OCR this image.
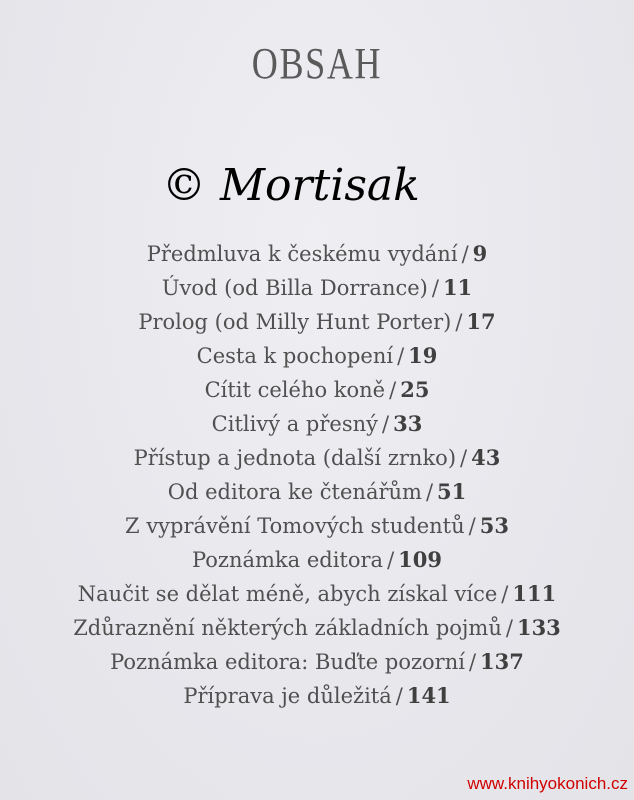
OBSAH
© Mortisak
Předmluva k českému vydání / 9
Úvod (od Billa Dorrance) / 11
Prolog (od Milly Hunt Porter) / 17
Cesta k pochopení / 19
Cítit celého koně / 25
Citlivý a přesný / 33
Přístup a jednota (další zrnko) / 43
Od editora ke čtenářům / 51
Z vyprávění Tomových studentů / 53
Poznámka editora / 109
Naučit se dělat méně, abych získal více / 111
Zdůraznění některých základních pojmů / 133
Poznámka editora: Buďte pozorní / 137
Příprava je důležitá / 141
www.knihyokonich.cz
